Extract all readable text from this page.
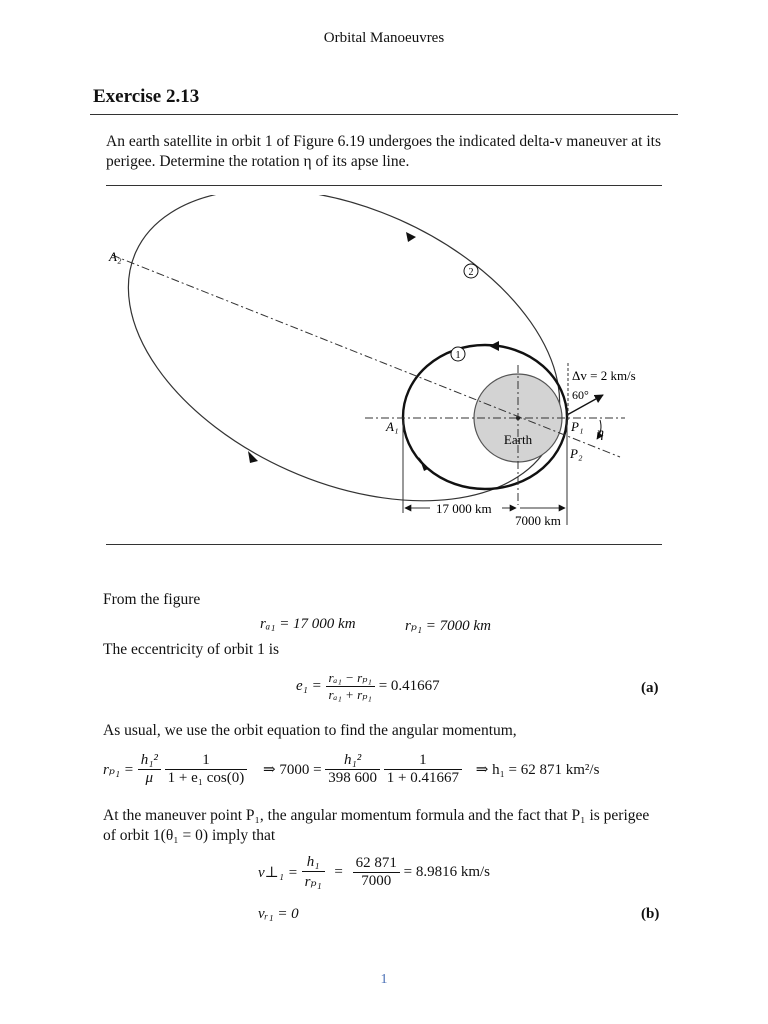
Orbital Manoeuvres
Exercise 2.13
An earth satellite in orbit 1 of Figure 6.19 undergoes the indicated delta-v maneuver at its perigee. Determine the rotation η of its apse line.
2
1
A₂
A₁
Earth
Δv = 2 km/s
60°
P₁ η
P₂
17 000 km
7000 km
From the figure
rₐ₁ = 17 000 km	rₚ₁ = 7000 km
The eccentricity of orbit 1 is
$e_1 = \frac{\text{rₐ₁ − rₚ₁}}{\text{rₐ₁ + rₚ₁}} = 0.41667$	(a)
As usual, we use the orbit equation to find the angular momentum,
$r_{p1} = \frac{\text{h₁²}}{\mu}$
$\frac{1}{\text{1 + e₁ cos(0)}}$ ⇒ $7000 = \frac{\text{h₁²}}{398 600}$
$\frac{1}{1 + 0.41667}$ ⇒ h₁ = 62 871 km²/s
At the maneuver point P₁, the angular momentum formula and the fact that P₁ is perigee of orbit 1(θ₁ = 0) imply that
v⊥₁ = $\frac{\text{h₁}}{\text{rₚ₁}} = \frac{62 871}{7000} = 8.9816$ km/s
vᵣ₁ = 0	(b)
1
